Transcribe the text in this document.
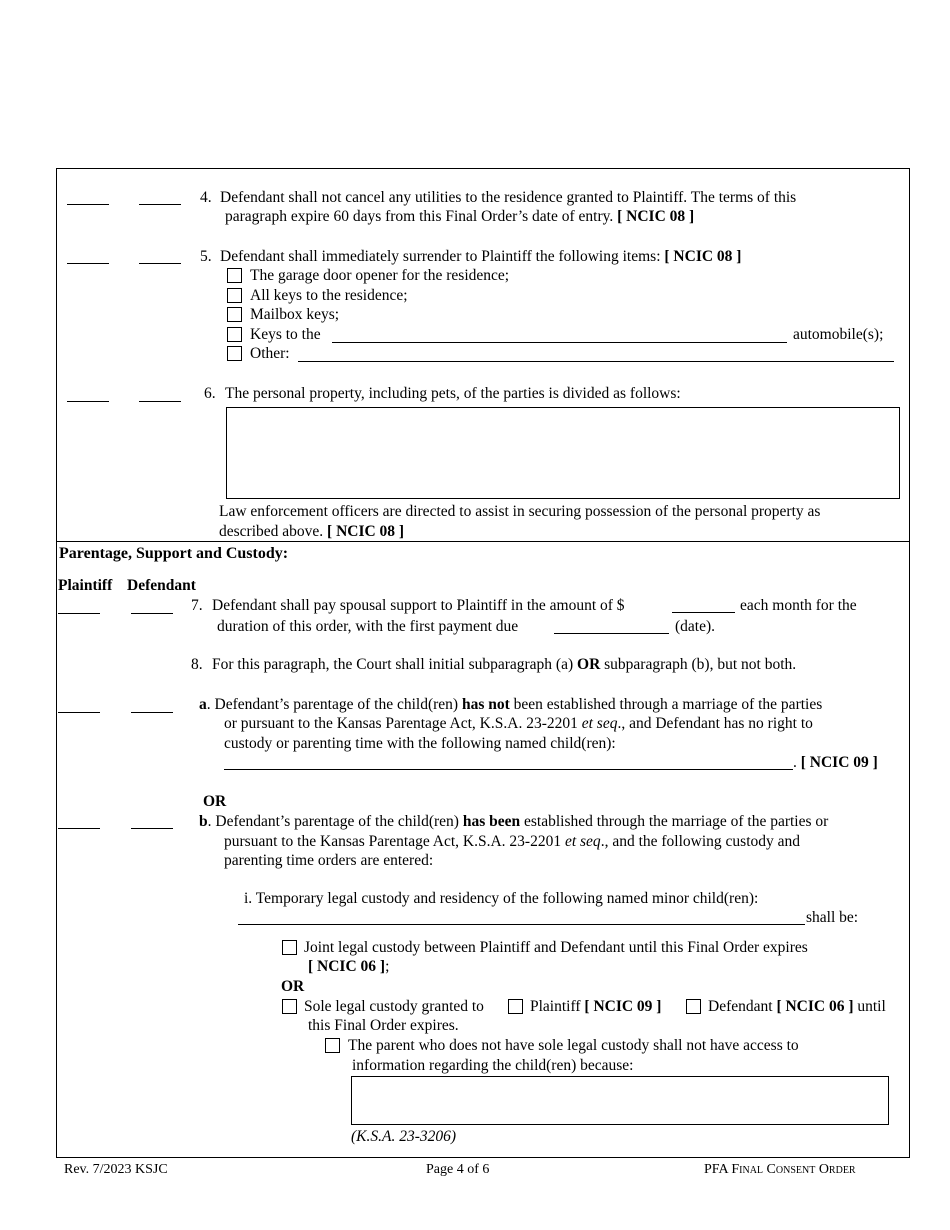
4. Defendant shall not cancel any utilities to the residence granted to Plaintiff. The terms of this
paragraph expire 60 days from this Final Order’s date of entry. [ NCIC 08 ]
5. Defendant shall immediately surrender to Plaintiff the following items: [ NCIC 08 ]
The garage door opener for the residence;
All keys to the residence;
Mailbox keys;
Keys to the	automobile(s);
Other:
6. The personal property, including pets, of the parties is divided as follows:
Law enforcement officers are directed to assist in securing possession of the personal property as
described above. [ NCIC 08 ]
Parentage, Support and Custody:
Plaintiff Defendant
7. Defendant shall pay spousal support to Plaintiff in the amount of $	each month for the
duration of this order, with the first payment due	(date).
8. For this paragraph, the Court shall initial subparagraph (a) OR subparagraph (b), but not both.
a. Defendant’s parentage of the child(ren) has not been established through a marriage of the parties
or pursuant to the Kansas Parentage Act, K.S.A. 23-2201 et seq., and Defendant has no right to
custody or parenting time with the following named child(ren):
. [ NCIC 09 ]
OR
b. Defendant’s parentage of the child(ren) has been established through the marriage of the parties or
pursuant to the Kansas Parentage Act, K.S.A. 23-2201 et seq., and the following custody and
parenting time orders are entered:
i. Temporary legal custody and residency of the following named minor child(ren):
shall be:
Joint legal custody between Plaintiff and Defendant until this Final Order expires
[ NCIC 06 ];
OR
Sole legal custody granted to	Plaintiff [ NCIC 09 ]	Defendant [ NCIC 06 ] until
this Final Order expires.
The parent who does not have sole legal custody shall not have access to
information regarding the child(ren) because:
(K.S.A. 23-3206)
Rev. 7/2023 KSJC	Page 4 of 6	PFA Final Consent Order
